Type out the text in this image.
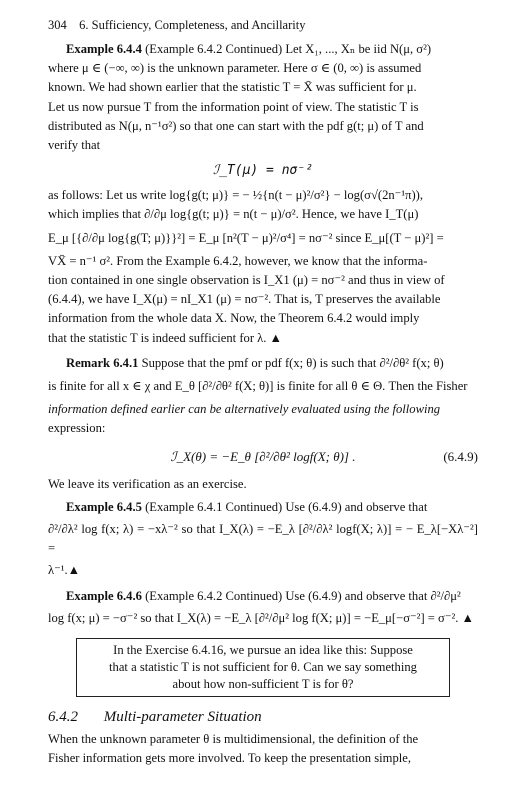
304 6. Sufficiency, Completeness, and Ancillarity

Example 6.4.4 (Example 6.4.2 Continued) Let X₁, ..., Xₙ be iid N(μ, σ²)

where μ ∈ (−∞, ∞) is the unknown parameter. Here σ ∈ (0, ∞) is assumed

known. We had shown earlier that the statistic T = X̄ was sufficient for μ.

Let us now pursue T from the information point of view. The statistic T is

distributed as N(μ, n⁻¹σ²) so that one can start with the pdf g(t; μ) of T and

verify that

ℐ_T(μ) = nσ⁻²

as follows: Let us write log{g(t; μ)} = − ½{n(t − μ)²/σ²} − log(σ√(2n⁻¹π)),

which implies that ∂/∂μ log{g(t; μ)} = n(t − μ)/σ². Hence, we have I_T(μ)

E_μ [{∂/∂μ log{g(T; μ)}}²] = E_μ [n²(T − μ)²/σ⁴] = nσ⁻² since E_μ[(T − μ)²] =

VX̄ = n⁻¹ σ². From the Example 6.4.2, however, we know that the informa-

tion contained in one single observation is I_X1 (μ) = nσ⁻² and thus in view of

(6.4.4), we have I_X(μ) = nI_X1 (μ) = nσ⁻². That is, T preserves the available

information from the whole data X. Now, the Theorem 6.4.2 would imply

that the statistic T is indeed sufficient for λ. ▲

Remark 6.4.1 Suppose that the pmf or pdf f(x; θ) is such that ∂²/∂θ² f(x; θ)

is finite for all x ∈ χ and E_θ [∂²/∂θ² f(X; θ)] is finite for all θ ∈ Θ. Then the Fisher

information defined earlier can be alternatively evaluated using the following

expression:

ℐ_X(θ) = −E_θ [∂²/∂θ² logf(X; θ)] .	(6.4.9)

We leave its verification as an exercise.

Example 6.4.5 (Example 6.4.1 Continued) Use (6.4.9) and observe that

∂²/∂λ² log f(x; λ) = −xλ⁻² so that I_X(λ) = −E_λ [∂²/∂λ² logf(X; λ)] = − E_λ[−Xλ⁻²] =

λ⁻¹.▲

Example 6.4.6 (Example 6.4.2 Continued) Use (6.4.9) and observe that ∂²/∂μ²

log f(x; μ) = −σ⁻² so that I_X(λ) = −E_λ [∂²/∂μ² log f(X; μ)] = −E_μ[−σ⁻²] = σ⁻². ▲

In the Exercise 6.4.16, we pursue an idea like this: Suppose
that a statistic T is not sufficient for θ. Can we say something
about how non-sufficient T is for θ?
6.4.2 Multi-parameter Situation

When the unknown parameter θ is multidimensional, the definition of the

Fisher information gets more involved. To keep the presentation simple,
